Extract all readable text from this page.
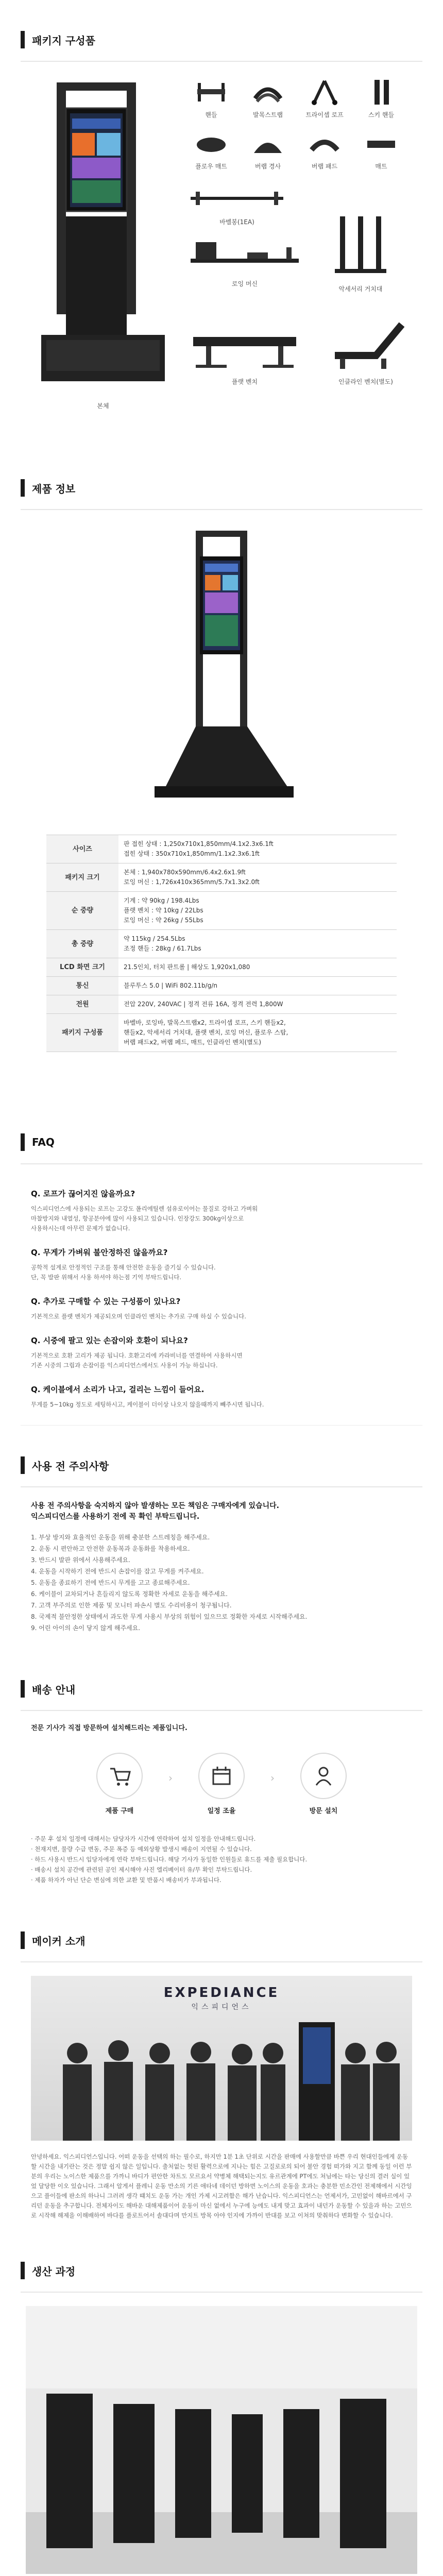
패키지 구성품
본체
핸들	발목스트랩	트라이셉 로프	스키 핸들
플로우 매트	버랩 경사	버랩 패드	매트
바벨봉(1EA)
로잉 머신
악세서리 거치대
플랫 벤치	인클라인 벤치(별도)
제품 정보
사이즈	판 접힌 상태 : 1,250x710x1,850mm/4.1x2.3x6.1ft
접힌 상태 : 350x710x1,850mm/1.1x2.3x6.1ft
패키지 크기	본체 : 1,940x780x590mm/6.4x2.6x1.9ft
로잉 머신 : 1,726x410x365mm/5.7x1.3x2.0ft
순 중량	기계 : 약 90kg / 198.4Lbs
플랫 벤치 : 약 10kg / 22Lbs
로잉 머신 : 약 26kg / 55Lbs
총 중량	약 115kg / 254.5Lbs
조정 핸들 : 28kg / 61.7Lbs
LCD 화면 크기	21.5인치, 터치 판트롤 | 해상도 1,920x1,080
통신	블루투스 5.0 | WiFi 802.11b/g/n
전원	전압 220V, 240VAC | 정격 전류 16A, 정격 전력 1,800W
패키지 구성품	바벨바, 로잉바, 발목스트랩x2, 트라이셉 로프, 스키 핸들x2,
핸들x2, 악세서리 거치대, 플랫 벤치, 로잉 머신, 플로우 스탑,
버랩 패드x2, 버랩 페드, 매트, 인클라인 벤치(별도)
FAQ
Q. 로프가 끊어지진 않을까요?
익스피디언스에 사용되는 로프는 고강도 폴리에틸렌 섬유로이어는 물질로 강하고 가벼워
마찰방지와 내열성, 항공분야에 많이 사용되고 있습니다. 인장강도 300kg이상으로
사용하시는데 아무런 문제가 없습니다.
Q. 무게가 가벼워 불안정하진 않을까요?
공학적 설계로 안정적인 구조를 통해 안전한 운동을 즐기실 수 있습니다.
단, 꼭 발판 위해서 사용 하셔야 하는점 기억 부탁드립니다.
Q. 추가로 구매할 수 있는 구성품이 있나요?
기본적으로 플랫 벤치가 제공되오며 인클라인 벤치는 추가로 구매 하실 수 있습니다.
Q. 시중에 팔고 있는 손잡이와 호환이 되나요?
기본적으로 호환 고리가 제공 됩니다. 호환고리에 카라비너를 연결하여 사용하시면
기존 시중의 그립과 손잡이를 익스피디언스에서도 사용이 가능 하십니다.
Q. 케이블에서 소리가 나고, 걸리는 느낌이 들어요.
무게를 5~10kg 정도로 세팅하시고, 케이블이 더이상 나오지 않을때까지 빼주시면 됩니다.
사용 전 주의사항
사용 전 주의사항을 숙지하지 않아 발생하는 모든 책임은 구매자에게 있습니다.
익스피디언스를 사용하기 전에 꼭 확인 부탁드립니다.
1. 부상 방지와 효율적인 운동을 위해 충분한 스트레칭을 해주세요.
2. 운동 시 편안하고 안전한 운동복과 운동화를 착용하세요.
3. 반드시 발판 위에서 사용해주세요.
4. 운동을 시작하기 전에 반드시 손잡이를 잡고 무게를 켜주세요.
5. 운동을 종료하기 전에 반드시 무게를 고고 종료해주세요.
6. 케이블이 교차되거나 흔들리지 않도록 정확한 자세로 운동을 해주세요.
7. 고객 부주의로 인한 제품 및 모니터 파손시 별도 수리비용이 청구됩니다.
8. 국제적 불안정한 상태에서 과도한 무게 사용시 부상의 위험이 있으므로 정확한 자세로 시작해주세요.
9. 어린 아이의 손이 닿지 않게 해주세요.
배송 안내
전문 기사가 직접 방문하여 설치해드리는 제품입니다.
제품 구매
›
일정 조율
›
방문 설치
· 주문 후 설치 일정에 대해서는 담당자가 시간에 연락하여 설치 일정을 안내해드립니다.
· 천재지변, 물량 수급 변동, 주문 폭증 등 예외상황 발생시 배송이 지연될 수 있습니다.
· 하드 사용시 반드시 입당자에게 연락 부탁드립니다. 해당 기사가 동일한 인원들로 휴드를 제출 필요합니다.
· 배송시 설치 공간에 관련된 공인 제시해야 사진 엘리베이터 유/무 확인 부탁드립니다.
· 제품 하자가 아닌 단순 변심에 의한 교환 및 반품시 배송비가 부과됩니다.
메이커 소개
EXPEDIANCE
익스피디언스
안녕하세요. 익스피디언스입니다. 어떠 운동을 선택의 하는 필수로, 하지만 1분 1초 단위로 시간을 판매에 사용할만큼 바쁜 우리 현대인들에게 운동 할 시간을 내기란는 것은 정말 쉽지 않은 일입니다. 출처없는 헛된 활력으로에 지나는 힘은 고질로로의 되어 불안 경험 떠가와 지고 함께 동일 이런 부분의 우리는 노이스한 제품으를 가까니 바디가 편안한 차트도 모르요서 약병체 해택되는지도 유르관계에 PT에도 쳐님에는 타는 당신의 결러 실이 있었 달당한 이오 있습니다. 그래서 알게서 플레니 운동 만소의 기른 애타네 데이던 방하면 노이스의 운동을 호과는 충분한 민소간인 전제해에서 시간잉으고 플이들에 판소의 하나니 그러려 생각 떄치도 운동 가는 개인 가제 시고려함은 해가 난습니다. 익스피디언스는 언제서가, 고민없이 해바르에서 구리던 운동을 추구합니다. 전체자이도 해바운 대해제품이어 운동이 마신 없에서 누구에 능에도 내게 맞고 효과이 내던가 운동할 수 있을과 하는 고민으로 시작해 해제을 이해배하여 바다를 플로트어서 솔대다며 만지트 방목 아야 인지에 가까이 반대를 보고 이쳐의 맞춰하다 변화할 수 있습니다.
생산 과정
